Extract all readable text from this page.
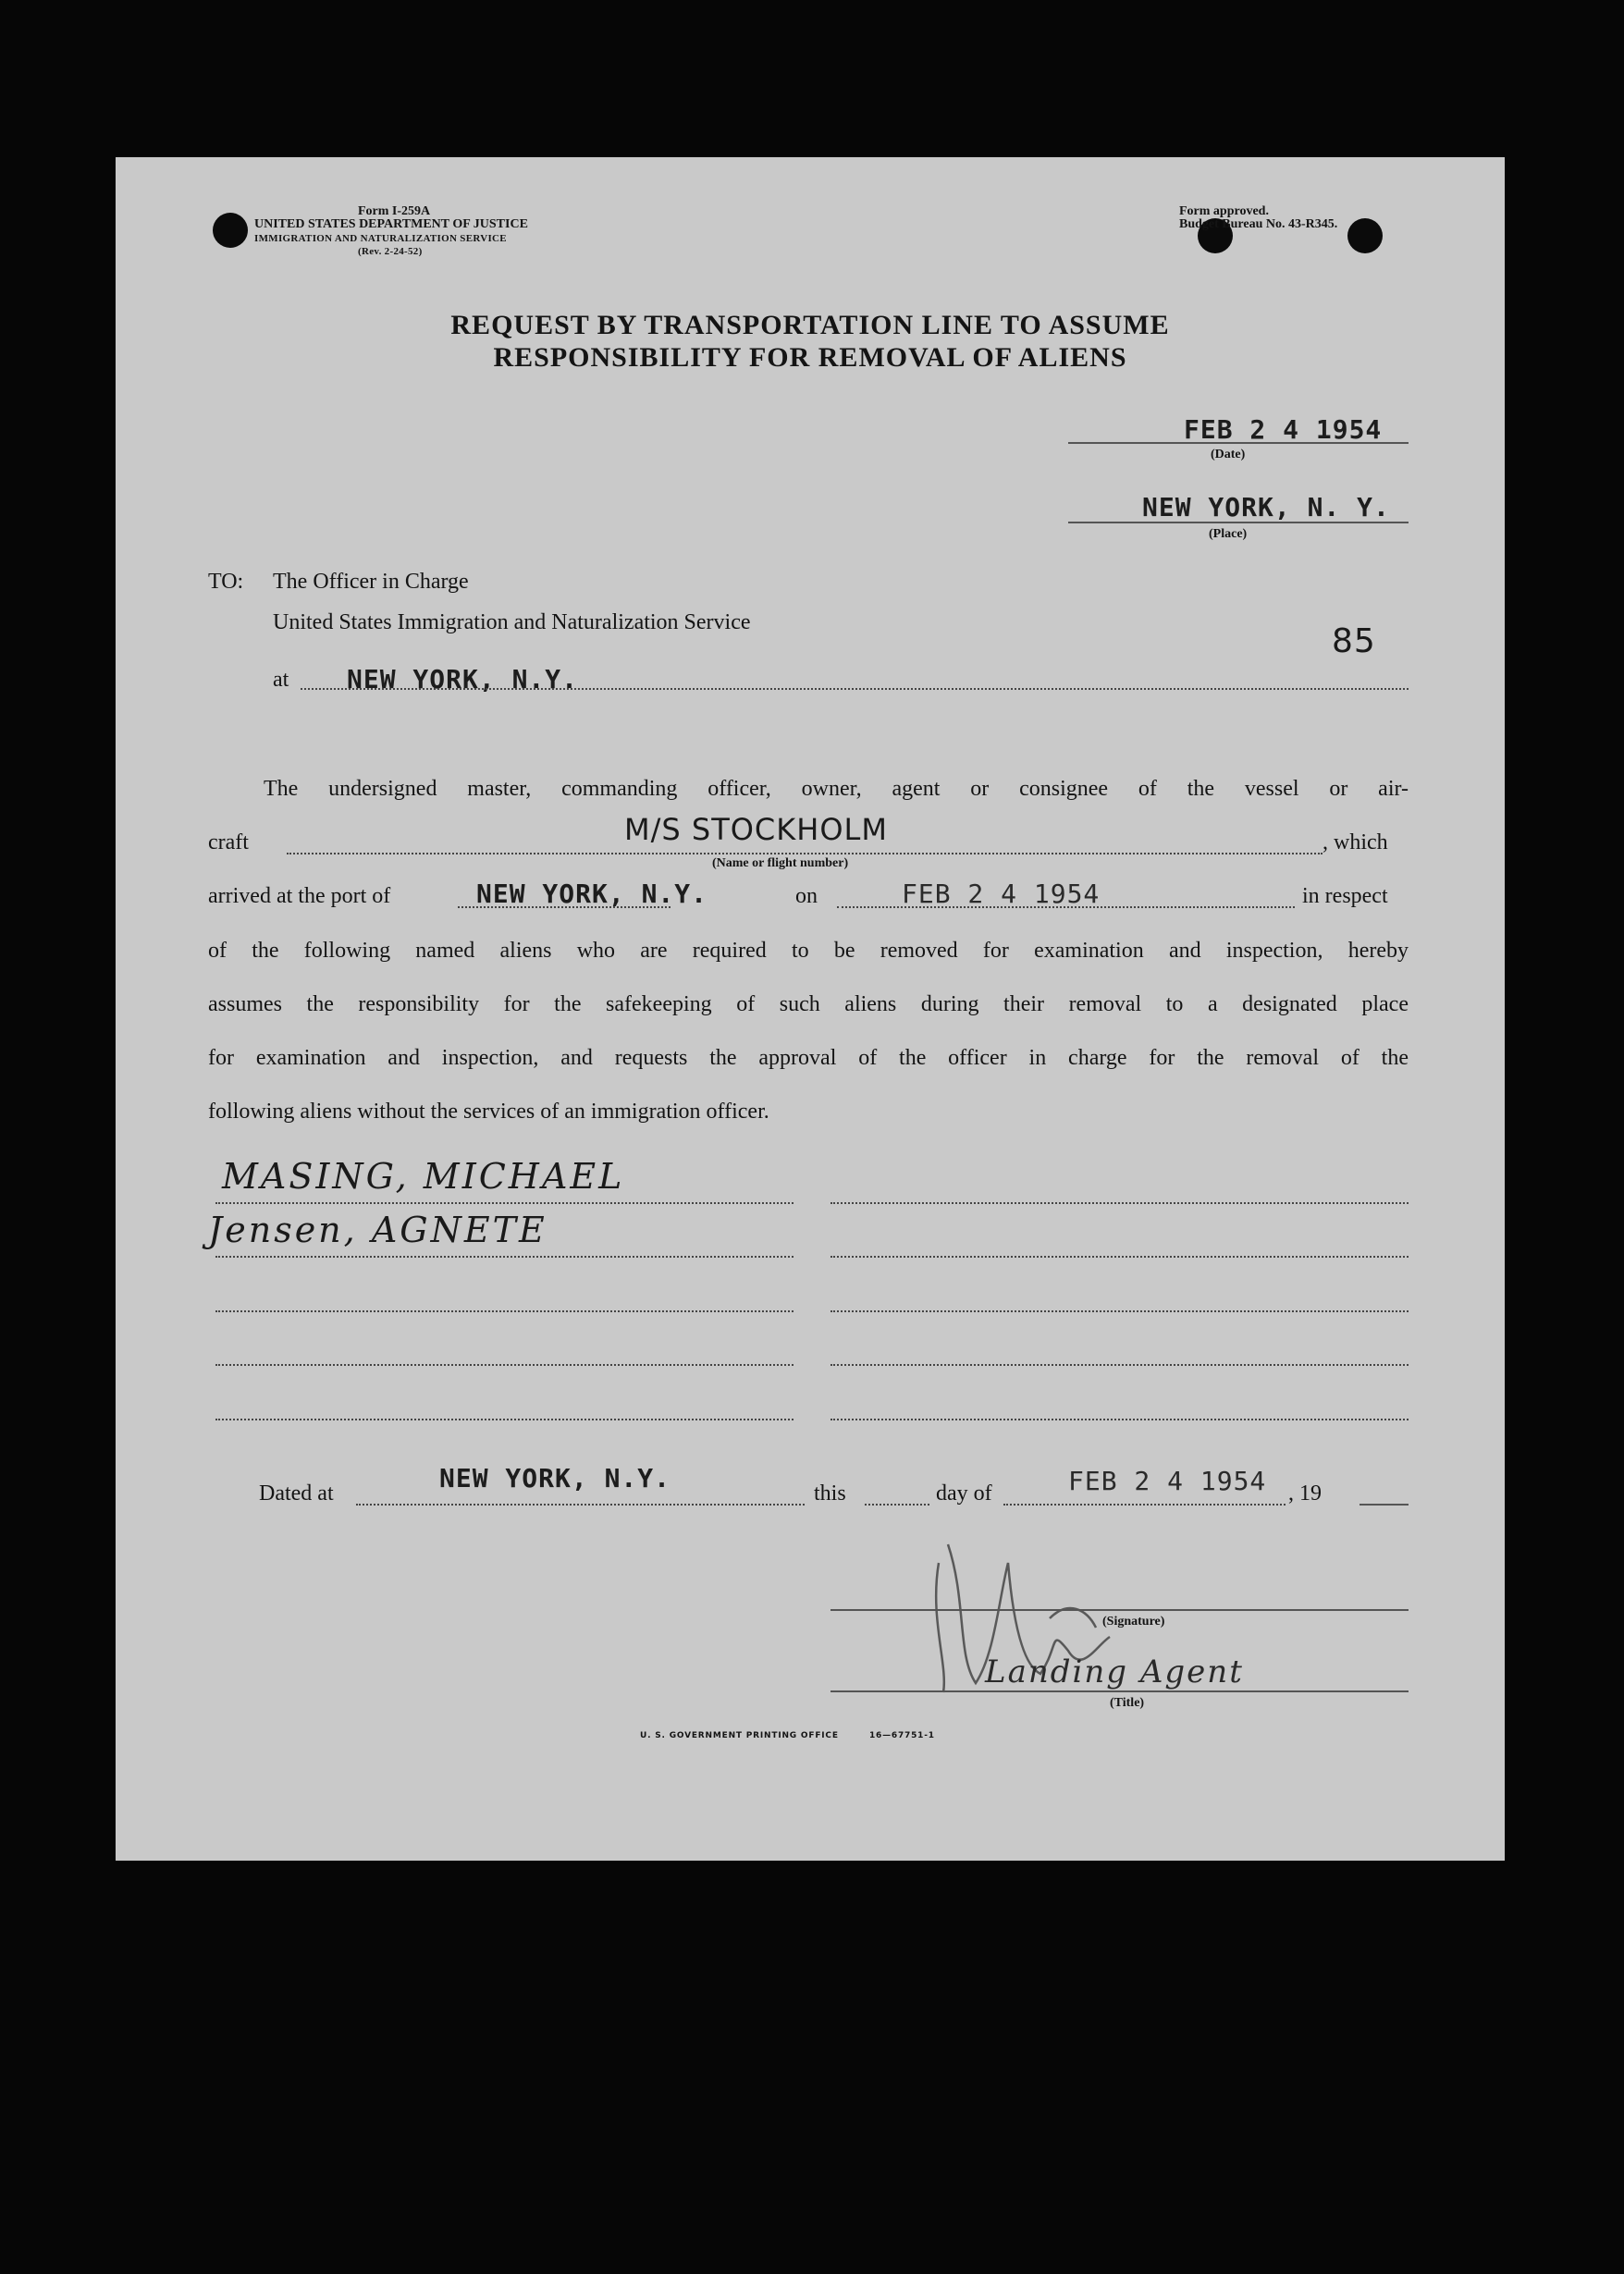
Form I-259A
UNITED STATES DEPARTMENT OF JUSTICE
IMMIGRATION AND NATURALIZATION SERVICE
(Rev. 2-24-52)
Form approved.
Budget Bureau No. 43-R345.
REQUEST BY TRANSPORTATION LINE TO ASSUME
RESPONSIBILITY FOR REMOVAL OF ALIENS
FEB 2 4 1954
(Date)
NEW YORK, N. Y.
(Place)
TO: The Officer in Charge
United States Immigration and Naturalization Service	85
at NEW YORK, N.Y.
The undersigned master, commanding officer, owner, agent or consignee of the vessel or air-
craft	M/S STOCKHOLM
(Name or flight number)
, which
arrived at the port of	NEW YORK, N.Y.	on	FEB 2 4 1954	in respect
of the following named aliens who are required to be removed for examination and inspection, hereby
assumes the responsibility for the safekeeping of such aliens during their removal to a designated place
for examination and inspection, and requests the approval of the officer in charge for the removal of the
following aliens without the services of an immigration officer.
MASING, MICHAEL
Jensen, AGNETE
Dated at	NEW YORK, N.Y.	this	day of	FEB 2 4 1954 , 19
(Signature)
Landing Agent
(Title)
U. S. GOVERNMENT PRINTING OFFICE	16—67751-1
